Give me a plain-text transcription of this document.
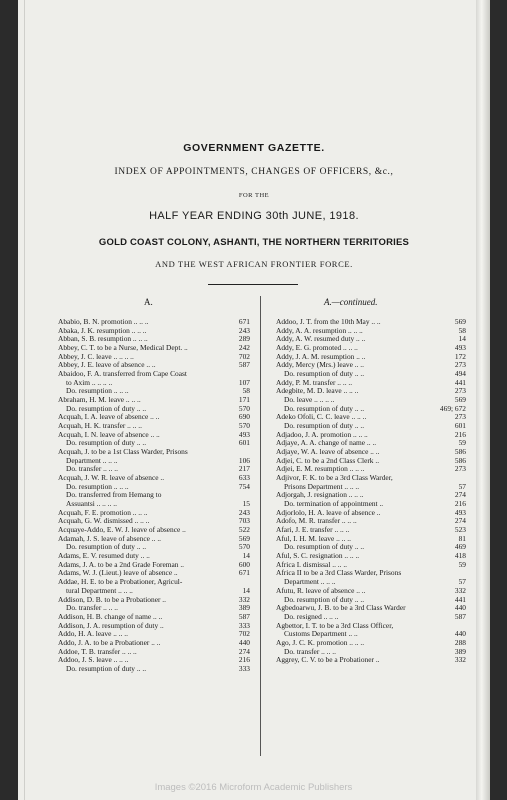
GOVERNMENT GAZETTE.
INDEX OF APPOINTMENTS, CHANGES OF OFFICERS, &c.,
FOR THE
HALF YEAR ENDING 30th JUNE, 1918.
GOLD COAST COLONY, ASHANTI, THE NORTHERN TERRITORIES
AND THE WEST AFRICAN FRONTIER FORCE.
A.	A.—continued.
Ababio, B. N. promotion .. .. ..	671
Abaka, J. K. resumption .. .. ..	243
Abban, S. B. resumption .. .. ..	289
Abbey, C. T. to be a Nurse, Medical Dept. ..	242
Abbey, J. C. leave .. .. .. ..	702
Abbey, J. E. leave of absence .. ..	587
Abaidoo, F. A. transferred from Cape Coast
to Axim .. .. .. ..	107
Do. resumption .. .. ..	58
Abraham, H. M. leave .. .. ..	171
Do. resumption of duty .. ..	570
Acquah, I. A. leave of absence .. ..	690
Acquah, H. K. transfer .. .. ..	570
Acquah, I. N. leave of absence .. ..	493
Do. resumption of duty .. ..	601
Acquah, J. to be a 1st Class Warder, Prisons
Department .. .. ..	106
Do. transfer .. .. ..	217
Acquah, J. W. R. leave of absence ..	633
Do. resumption .. .. ..	754
Do. transferred from Hemang to
Assuantsi .. .. .. ..	15
Acquah, F. E. promotion .. .. ..	243
Acquah, G. W. dismissed .. .. ..	703
Acquaye-Addo, E. W. J. leave of absence ..	522
Adamah, J. S. leave of absence .. ..	569
Do. resumption of duty .. ..	570
Adams, E. V. resumed duty .. ..	14
Adams, J. A. to be a 2nd Grade Foreman ..	600
Adams, W. J. (Lieut.) leave of absence ..	671
Addae, H. E. to be a Probationer, Agricul-
tural Department .. .. ..	14
Addison, D. B. to be a Probationer ..	332
Do. transfer .. .. ..	389
Addison, H. B. change of name .. ..	587
Addison, J. A. resumption of duty ..	333
Addo, H. A. leave .. .. ..	702
Addo, J. A. to be a Probationer .. ..	440
Addoe, T. B. transfer .. .. ..	274
Addoo, J. S. leave .. .. ..	216
Do. resumption of duty .. ..	333
Addoo, J. T. from the 10th May .. ..	569
Addy, A. A. resumption .. .. ..	58
Addy, A. W. resumed duty .. ..	14
Addy, E. G. promoted .. .. ..	493
Addy, J. A. M. resumption .. ..	172
Addy, Mercy (Mrs.) leave .. ..	273
Do. resumption of duty .. ..	494
Addy, P. M. transfer .. .. ..	441
Adegbite, M. D. leave .. .. ..	273
Do. leave .. .. .. ..	569
Do. resumption of duty .. ..	469; 672
Adeko Ofoli, C. C. leave .. .. ..	273
Do. resumption of duty .. ..	601
Adjadoo, J. A. promotion .. .. ..	216
Adjaye, A. A. change of name .. ..	59
Adjaye, W. A. leave of absence .. ..	586
Adjei, C. to be a 2nd Class Clerk ..	586
Adjei, E. M. resumption .. .. ..	273
Adjivor, F. K. to be a 3rd Class Warder,
Prisons Department .. .. ..	57
Adjorgah, J. resignation .. .. ..	274
Do. termination of appointment ..	216
Adjorlolo, H. A. leave of absence ..	493
Adofo, M. R. transfer .. .. ..	274
Afari, J. E. transfer .. .. ..	523
Aful, I. H. M. leave .. .. ..	81
Do. resumption of duty .. ..	469
Aful, S. C. resignation .. .. ..	418
Africa I. dismissal .. .. ..	59
Africa II to be a 3rd Class Warder, Prisons
Department .. .. ..	57
Afutu, R. leave of absence .. ..	332
Do. resumption of duty .. ..	441
Agbedoarwu, J. B. to be a 3rd Class Warder	440
Do. resigned .. .. ..	587
Agbettor, I. T. to be a 3rd Class Officer,
Customs Department .. ..	440
Ago, J. C. K. promotion .. .. ..	288
Do. transfer .. .. ..	389
Aggrey, C. V. to be a Probationer ..	332
Images ©2016 Microform Academic Publishers
